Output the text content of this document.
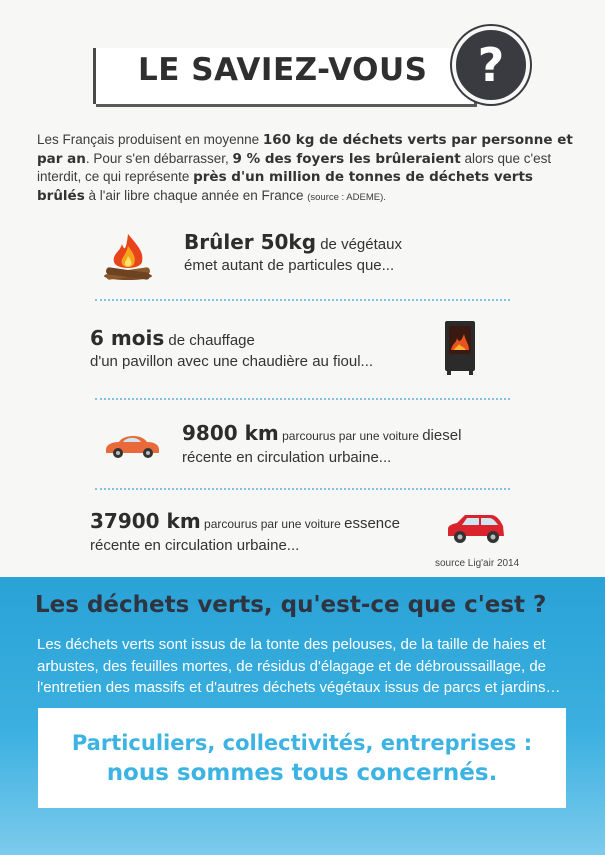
LE SAVIEZ-VOUS	?
Les Français produisent en moyenne 160 kg de déchets verts par personne et par an. Pour s'en débarrasser, 9 % des foyers les brûleraient alors que c'est interdit, ce qui représente près d'un million de tonnes de déchets verts brûlés à l'air libre chaque année en France (source : ADEME).
Brûler 50kg de végétaux
émet autant de particules que...
6 mois de chauffage
d'un pavillon avec une chaudière au fioul...
9800 km parcourus par une voiture diesel
récente en circulation urbaine...
37900 km parcourus par une voiture essence
récente en circulation urbaine...
source Lig'air 2014
Les déchets verts, qu'est-ce que c'est ?
Les déchets verts sont issus de la tonte des pelouses, de la taille de haies et arbustes, des feuilles mortes, de résidus d'élagage et de débroussaillage, de l'entretien des massifs et d'autres déchets végétaux issus de parcs et jardins…
Particuliers, collectivités, entreprises :
nous sommes tous concernés.
